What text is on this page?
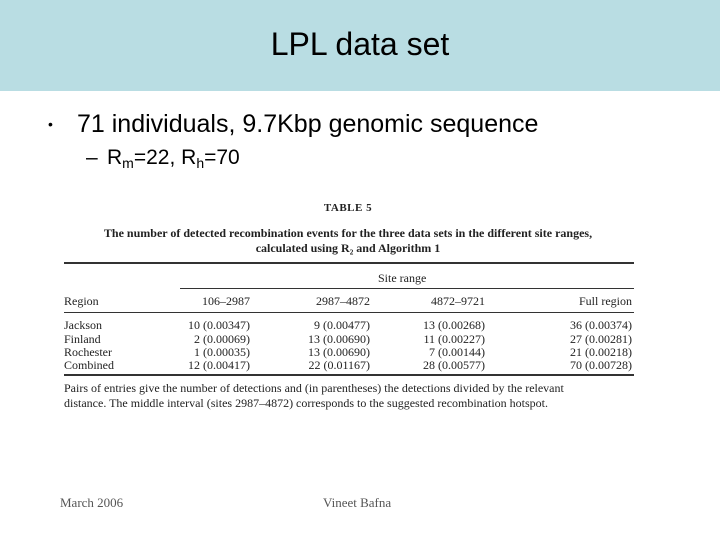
LPL data set
• 71 individuals, 9.7Kbp genomic sequence
– $R_m=22$, $R_h=70$
TABLE 5
The number of detected recombination events for the three data sets in the different site ranges,
calculated using R₂ and Algorithm 1
Site range
Region	106–2987	2987–4872	4872–9721	Full region
Jackson	10 (0.00347)	9 (0.00477)	13 (0.00268)	36 (0.00374)
Finland	2 (0.00069)	13 (0.00690)	11 (0.00227)	27 (0.00281)
Rochester	1 (0.00035)	13 (0.00690)	7 (0.00144)	21 (0.00218)
Combined	12 (0.00417)	22 (0.01167)	28 (0.00577)	70 (0.00728)
Pairs of entries give the number of detections and (in parentheses) the detections divided by the relevant
distance. The middle interval (sites 2987–4872) corresponds to the suggested recombination hotspot.
March 2006	Vineet Bafna
